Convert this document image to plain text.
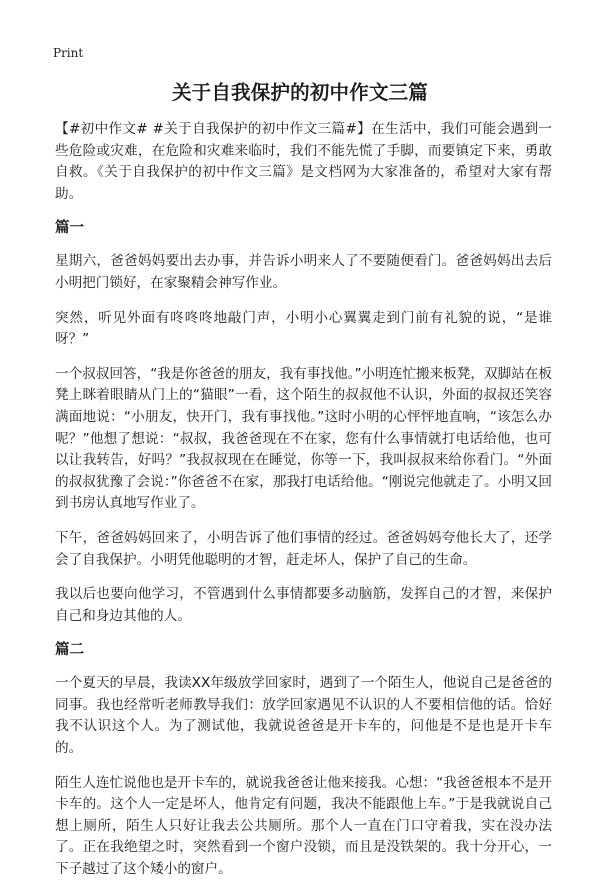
Print
关于自我保护的初中作文三篇

【#初中作文# #关于自我保护的初中作文三篇#】在生活中，我们可能会遇到一些危险或灾难，在危险和灾难来临时，我们不能先慌了手脚，而要镇定下来，勇敢自救。《关于自我保护的初中作文三篇》是文档网为大家准备的，希望对大家有帮助。

篇一

星期六，爸爸妈妈要出去办事，并告诉小明来人了不要随便看门。爸爸妈妈出去后小明把门锁好，在家聚精会神写作业。

突然，听见外面有咚咚咚地敲门声，小明小心翼翼走到门前有礼貌的说，“是谁呀？”

一个叔叔回答，“我是你爸爸的朋友，我有事找他。”小明连忙搬来板凳，双脚站在板凳上眯着眼睛从门上的“猫眼”一看，这个陌生的叔叔他不认识，外面的叔叔还笑容满面地说：“小朋友，快开门，我有事找他。”这时小明的心怦怦地直响，“该怎么办呢？”他想了想说：“叔叔，我爸爸现在不在家，您有什么事情就打电话给他，也可以让我转告，好吗？”我叔叔现在在睡觉，你等一下，我叫叔叔来给你看门。“外面的叔叔犹豫了会说：”你爸爸不在家，那我打电话给他。“刚说完他就走了。小明又回到书房认真地写作业了。

下午，爸爸妈妈回来了，小明告诉了他们事情的经过。爸爸妈妈夸他长大了，还学会了自我保护。小明凭他聪明的才智，赶走坏人，保护了自己的生命。

我以后也要向他学习，不管遇到什么事情都要多动脑筋，发挥自己的才智，来保护自己和身边其他的人。

篇二

一个夏天的早晨，我读XX年级放学回家时，遇到了一个陌生人，他说自己是爸爸的同事。我也经常听老师教导我们：放学回家遇见不认识的人不要相信他的话。恰好我不认识这个人。为了测试他，我就说爸爸是开卡车的，问他是不是也是开卡车的。

陌生人连忙说他也是开卡车的，就说我爸爸让他来接我。心想：“我爸爸根本不是开卡车的。这个人一定是坏人，他肯定有问题，我决不能跟他上车。”于是我就说自己想上厕所，陌生人只好让我去公共厕所。那个人一直在门口守着我，实在没办法了。正在我绝望之时，突然看到一个窗户没锁，而且是没铁架的。我十分开心，一下子越过了这个矮小的窗户。
